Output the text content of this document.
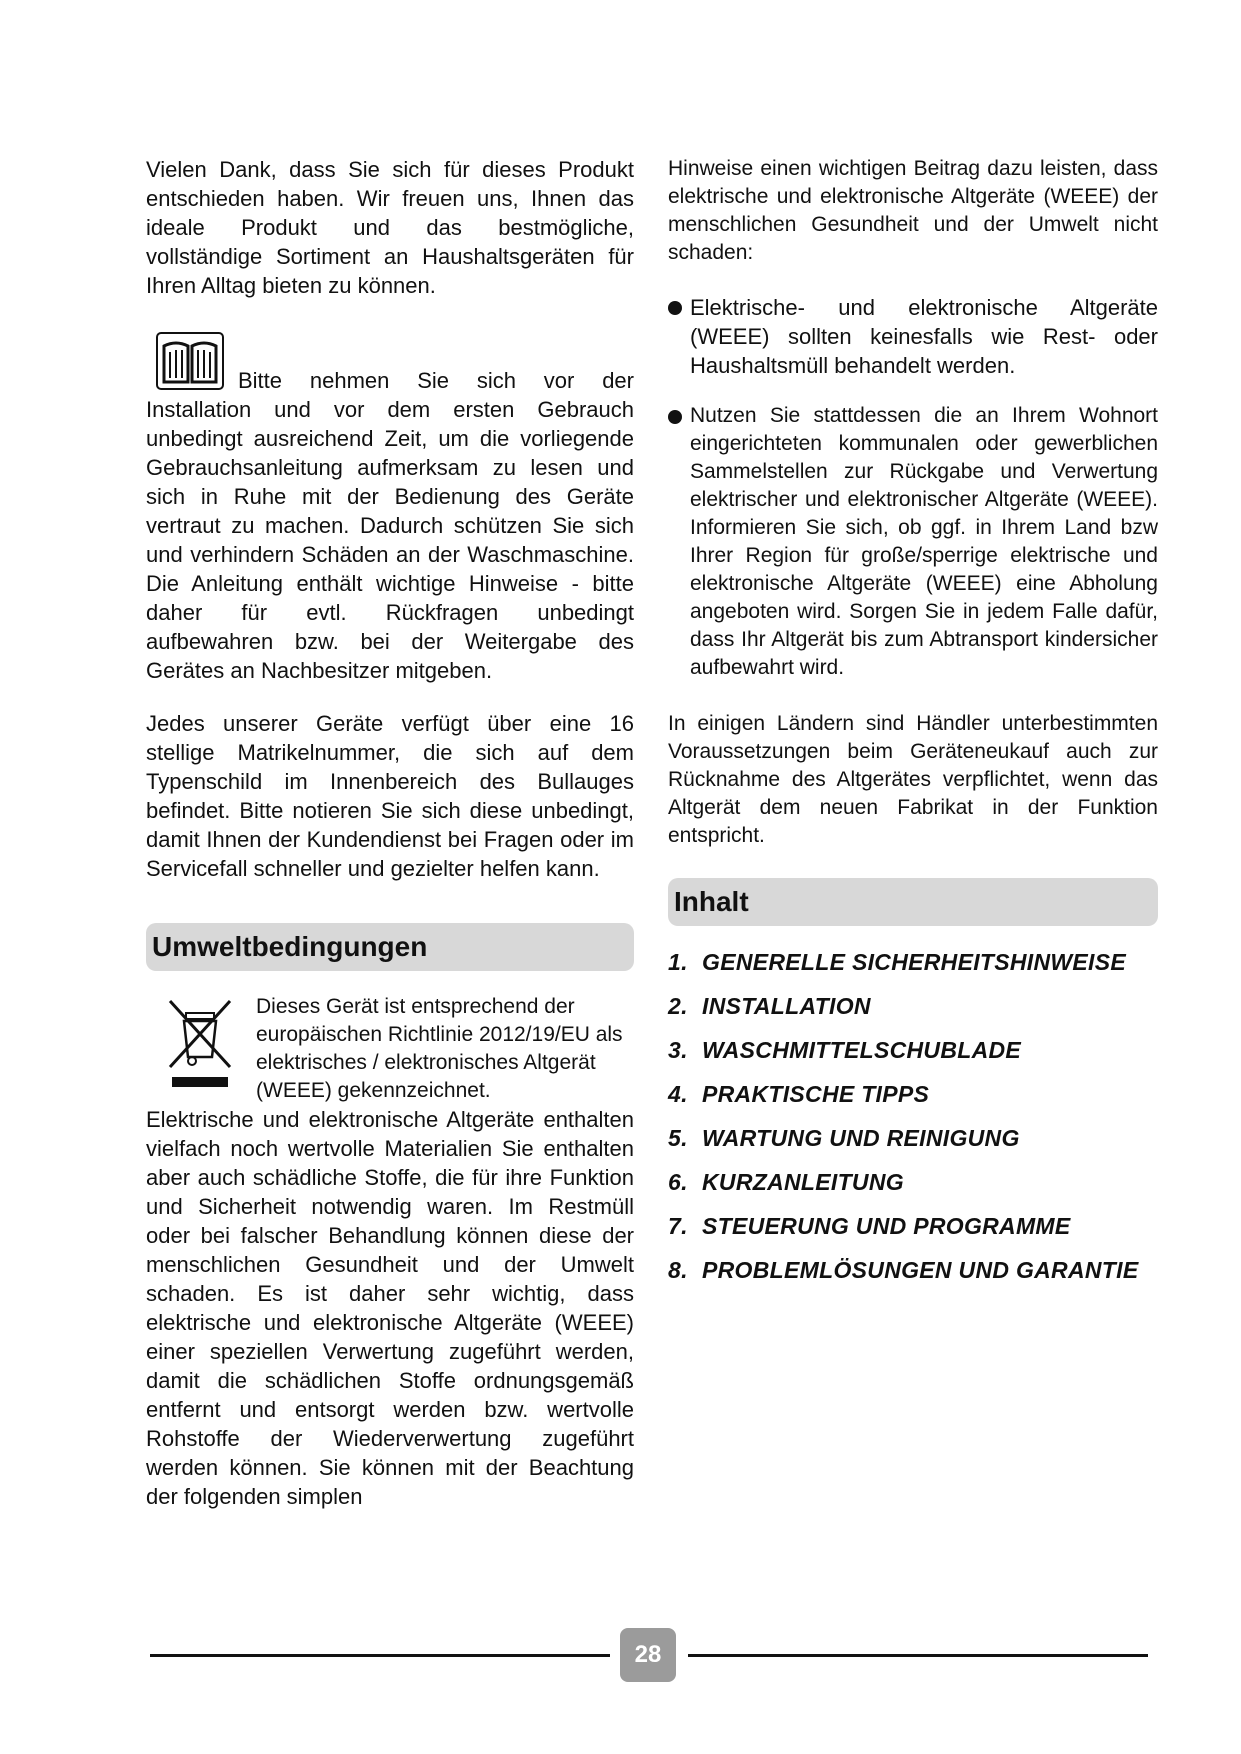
Vielen Dank, dass Sie sich für dieses Produkt entschieden haben. Wir freuen uns, Ihnen das ideale Produkt und das bestmögliche, vollständige Sortiment an Haushaltsgeräten für Ihren Alltag bieten zu können.

Bitte nehmen Sie sich vor der Installation und vor dem ersten Gebrauch unbedingt ausreichend Zeit, um die vorliegende Gebrauchsanleitung aufmerksam zu lesen und sich in Ruhe mit der Bedienung des Geräte vertraut zu machen. Dadurch schützen Sie sich und verhindern Schäden an der Waschmaschine. Die Anleitung enthält wichtige Hinweise - bitte daher für evtl. Rückfragen unbedingt aufbewahren bzw. bei der Weitergabe des Gerätes an Nachbesitzer mitgeben.

Jedes unserer Geräte verfügt über eine 16 stellige Matrikelnummer, die sich auf dem Typenschild im Innenbereich des Bullauges befindet. Bitte notieren Sie sich diese unbedingt, damit Ihnen der Kundendienst bei Fragen oder im Servicefall schneller und gezielter helfen kann.

Umweltbedingungen

Dieses Gerät ist entsprechend der europäischen Richtlinie 2012/19/EU als elektrisches / elektronisches Altgerät (WEEE) gekennzeichnet.

Elektrische und elektronische Altgeräte enthalten vielfach noch wertvolle Materialien Sie enthalten aber auch schädliche Stoffe, die für ihre Funktion und Sicherheit notwendig waren. Im Restmüll oder bei falscher Behandlung können diese der menschlichen Gesundheit und der Umwelt schaden. Es ist daher sehr wichtig, dass elektrische und elektronische Altgeräte (WEEE) einer speziellen Verwertung zugeführt werden, damit die schädlichen Stoffe ordnungsgemäß entfernt und entsorgt werden bzw. wertvolle Rohstoffe der Wiederverwertung zugeführt werden können. Sie können mit der Beachtung der folgenden simplen

Hinweise einen wichtigen Beitrag dazu leisten, dass elektrische und elektronische Altgeräte (WEEE) der menschlichen Gesundheit und der Umwelt nicht schaden:

Elektrische- und elektronische Altgeräte (WEEE) sollten keinesfalls wie Rest- oder Haushaltsmüll behandelt werden.
Nutzen Sie stattdessen die an Ihrem Wohnort eingerichteten kommunalen oder gewerblichen Sammelstellen zur Rückgabe und Verwertung elektrischer und elektronischer Altgeräte (WEEE). Informieren Sie sich, ob ggf. in Ihrem Land bzw Ihrer Region für große/sperrige elektrische und elektronische Altgeräte (WEEE) eine Abholung angeboten wird. Sorgen Sie in jedem Falle dafür, dass Ihr Altgerät bis zum Abtransport kindersicher aufbewahrt wird.

In einigen Ländern sind Händler unterbestimmten Voraussetzungen beim Geräteneukauf auch zur Rücknahme des Altgerätes verpflichtet, wenn das Altgerät dem neuen Fabrikat in der Funktion entspricht.

Inhalt
1. GENERELLE SICHERHEITSHINWEISE
2. INSTALLATION
3. WASCHMITTELSCHUBLADE
4. PRAKTISCHE TIPPS
5. WARTUNG UND REINIGUNG
6. KURZANLEITUNG
7. STEUERUNG UND PROGRAMME
8. PROBLEMLÖSUNGEN UND GARANTIE
28
